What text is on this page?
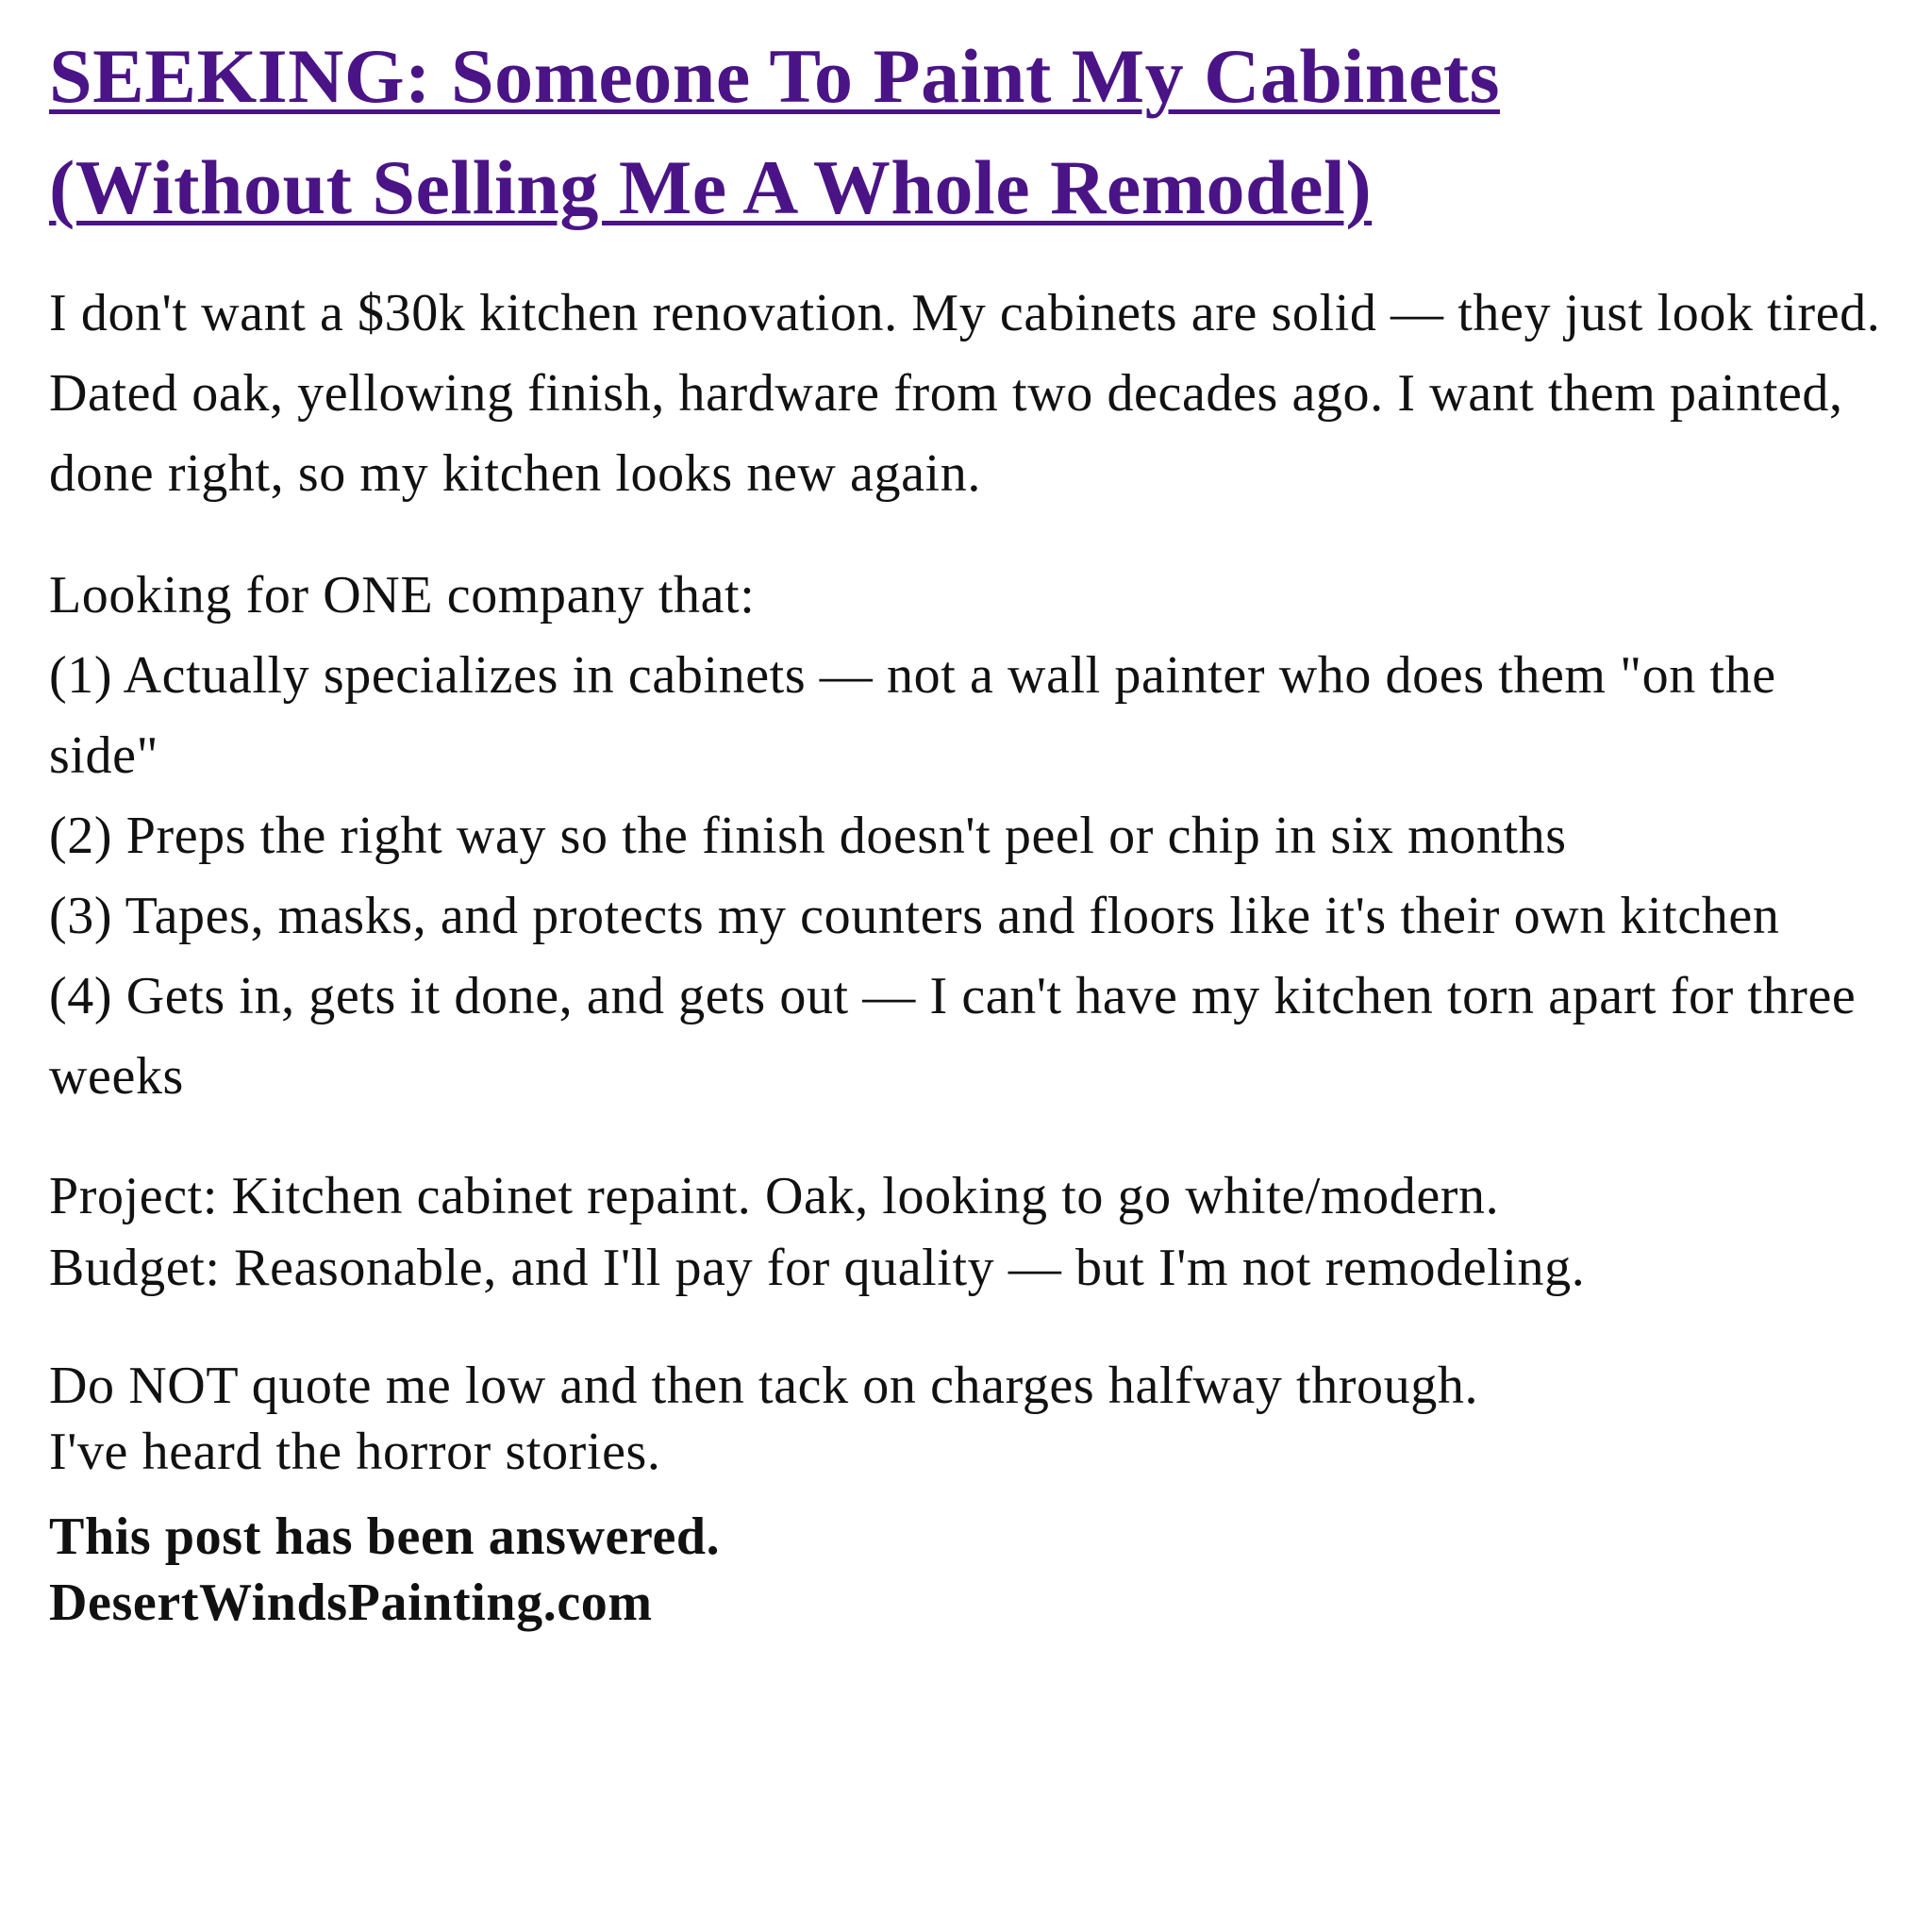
SEEKING: Someone To Paint My Cabinets
(Without Selling Me A Whole Remodel)

I don't want a $30k kitchen renovation. My cabinets are solid — they just look tired. Dated oak, yellowing finish, hardware from two decades ago. I want them painted, done right, so my kitchen looks new again.

Looking for ONE company that:
(1) Actually specializes in cabinets — not a wall painter who does them "on the side"
(2) Preps the right way so the finish doesn't peel or chip in six months
(3) Tapes, masks, and protects my counters and floors like it's their own kitchen
(4) Gets in, gets it done, and gets out — I can't have my kitchen torn apart for three weeks
Project: Kitchen cabinet repaint. Oak, looking to go white/modern.
Budget: Reasonable, and I'll pay for quality — but I'm not remodeling.
Do NOT quote me low and then tack on charges halfway through.
I've heard the horror stories.
This post has been answered.
DesertWindsPainting.com
